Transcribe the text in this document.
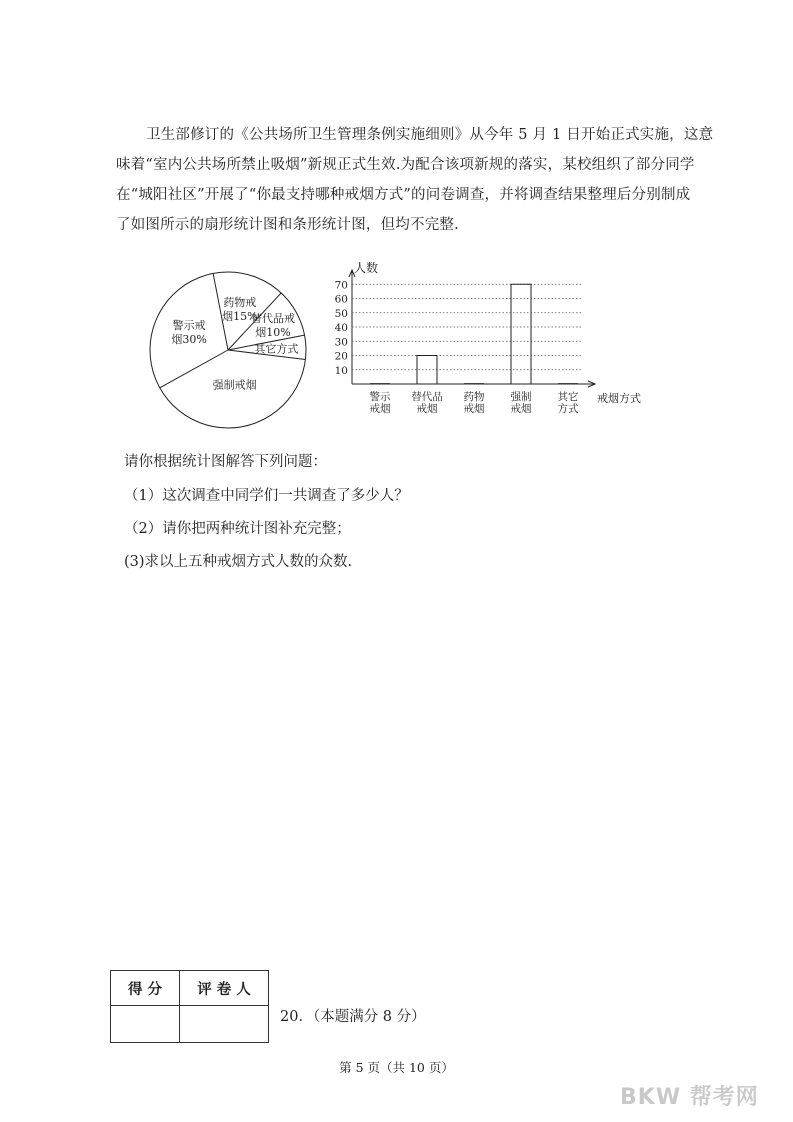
卫生部修订的《公共场所卫生管理条例实施细则》从今年 5 月 1 日开始正式实施，这意

味着“室内公共场所禁止吸烟”新规正式生效.为配合该项新规的落实，某校组织了部分同学

在“城阳社区”开展了“你最支持哪种戒烟方式”的问卷调查，并将调查结果整理后分别制成

了如图所示的扇形统计图和条形统计图，但均不完整.

药物戒烟15%
替代品戒烟10%
其它方式
强制戒烟
警示戒烟30%
人数
戒烟方式
10
20
30
40
50
60
70
警示戒烟
替代品戒烟
药物戒烟
强制戒烟
其它方式
请你根据统计图解答下列问题：
（1）这次调查中同学们一共调查了多少人？
（2）请你把两种统计图补充完整；
(3)求以上五种戒烟方式人数的众数.
得 分	评 卷 人

20．（本题满分 8 分）
第 5 页（共 10 页）
BKW 帮考网
